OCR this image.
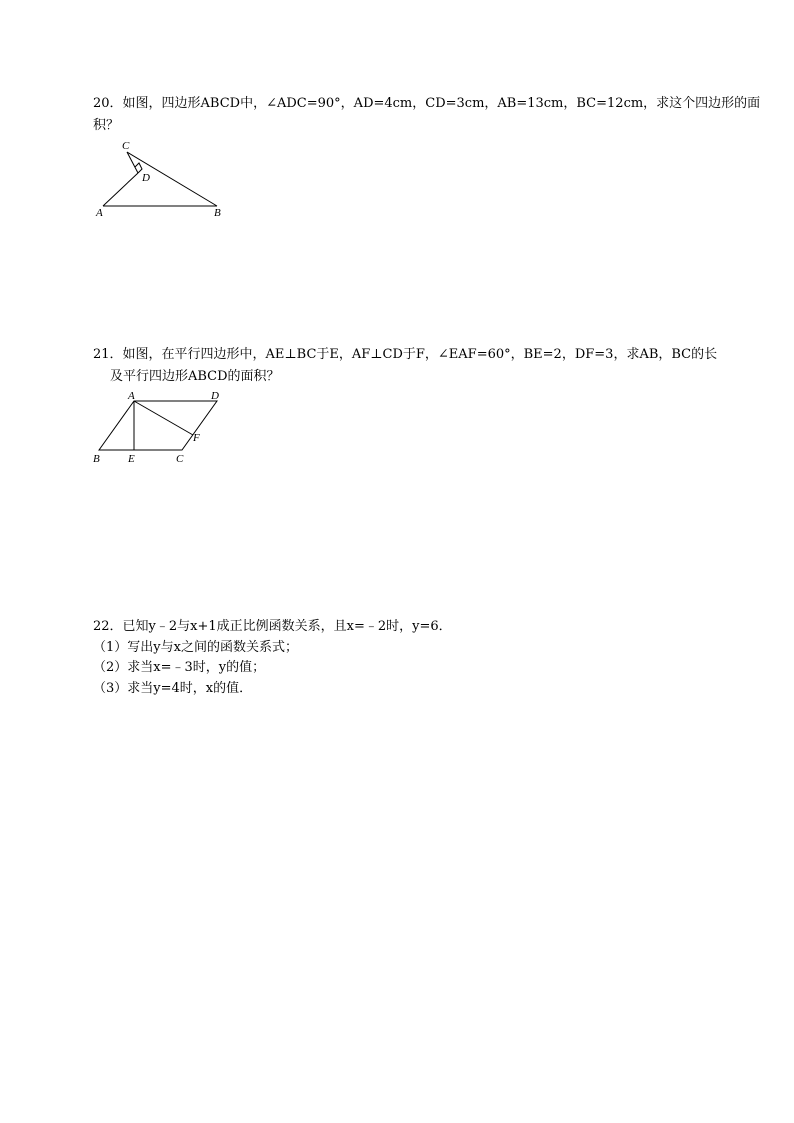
20．如图，四边形ABCD中，∠ADC=90°，AD=4cm，CD=3cm，AB=13cm，BC=12cm，求这个四边形的面
积？
C
D
A	B
21．如图，在平行四边形中，AE⊥BC于E，AF⊥CD于F，∠EAF=60°，BE=2，DF=3，求AB，BC的长
及平行四边形ABCD的面积？
A	D
F
B	E	C
22．已知y﹣2与x+1成正比例函数关系，且x=﹣2时，y=6．
（1）写出y与x之间的函数关系式；
（2）求当x=﹣3时，y的值；
（3）求当y=4时，x的值．
